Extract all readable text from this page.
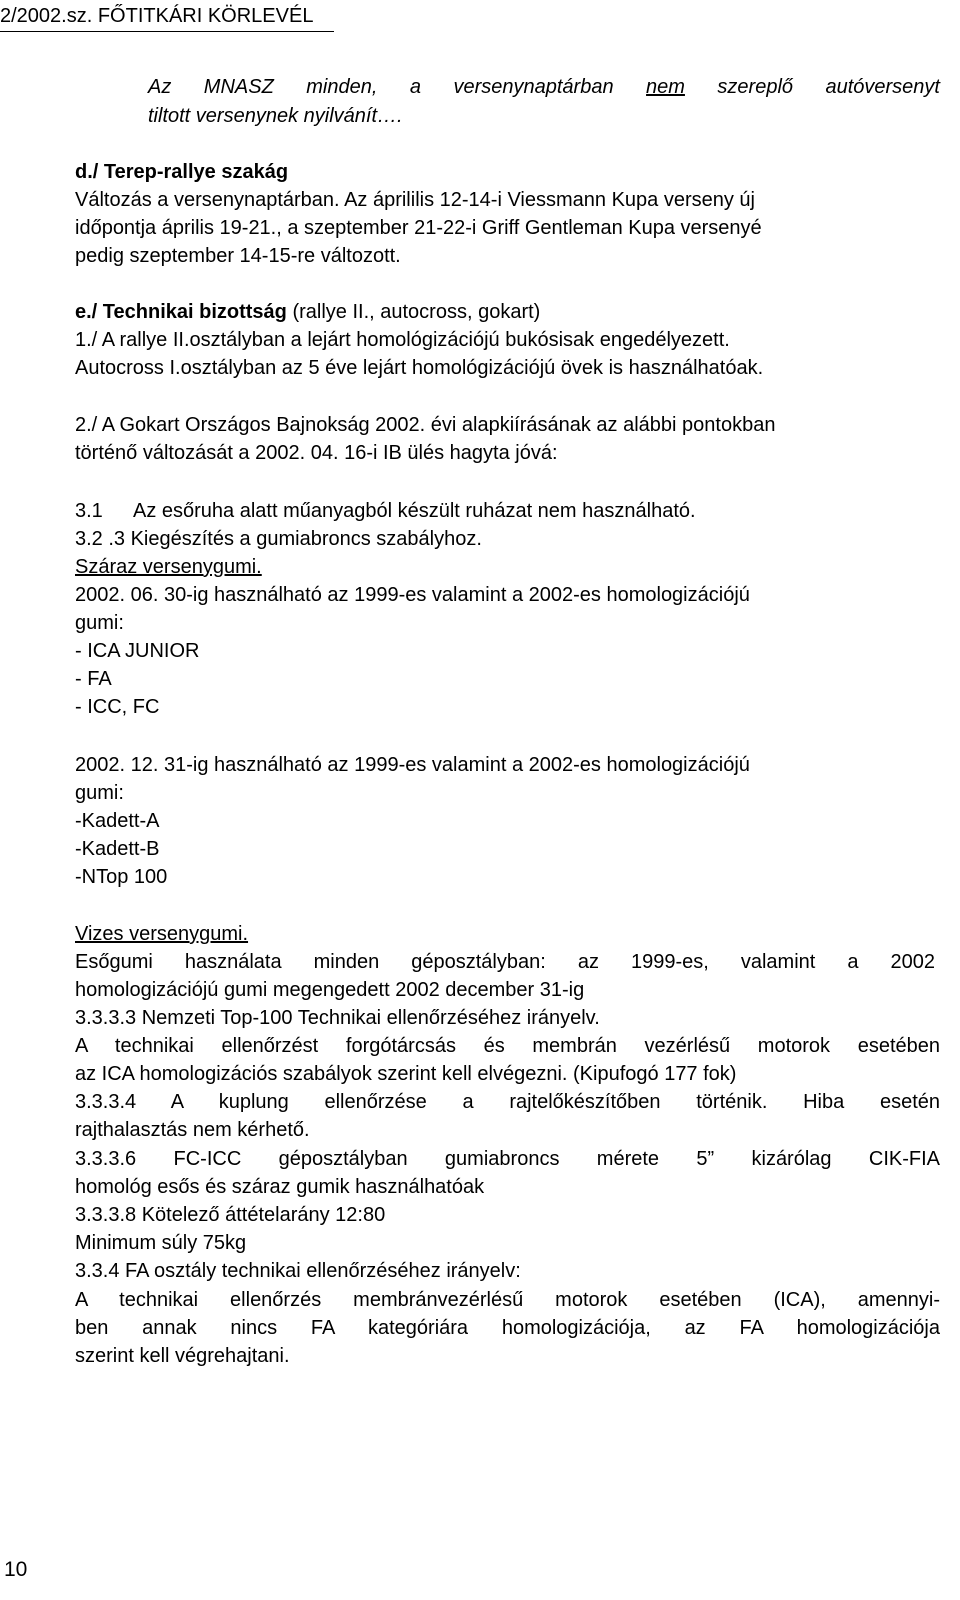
2/2002.sz. FŐTITKÁRI KÖRLEVÉL
Az MNASZ minden, a versenynaptárban nem szereplő autóversenyt
tiltott versenynek nyilvánít….
d./ Terep-rallye szakág
Változás a versenynaptárban. Az áprililis 12-14-i Viessmann Kupa verseny új
időpontja április 19-21., a szeptember 21-22-i Griff Gentleman Kupa versenyé
pedig szeptember 14-15-re változott.
e./ Technikai bizottság (rallye II., autocross, gokart)
1./ A rallye II.osztályban a lejárt homológizációjú bukósisak engedélyezett.
Autocross I.osztályban az 5 éve lejárt homológizációjú övek is használhatóak.
2./ A Gokart Országos Bajnokság 2002. évi alapkiírásának az alábbi pontokban
történő változását a 2002. 04. 16-i IB ülés hagyta jóvá:
3.1 Az esőruha alatt műanyagból készült ruházat nem használható.
3.2 .3 Kiegészítés a gumiabroncs szabályhoz.
Száraz versenygumi.
2002. 06. 30-ig használható az 1999-es valamint a 2002-es homologizációjú
gumi:
- ICA JUNIOR
- FA
- ICC, FC
2002. 12. 31-ig használható az 1999-es valamint a 2002-es homologizációjú
gumi:
-Kadett-A
-Kadett-B
-NTop 100
Vizes versenygumi.
Esőgumi használata minden géposztályban: az 1999-es, valamint a 2002
homologizációjú gumi megengedett 2002 december 31-ig
3.3.3.3 Nemzeti Top-100 Technikai ellenőrzéséhez irányelv.
A technikai ellenőrzést forgótárcsás és membrán vezérlésű motorok esetében
az ICA homologizációs szabályok szerint kell elvégezni. (Kipufogó 177 fok)
3.3.3.4 A kuplung ellenőrzése a rajtelőkészítőben történik. Hiba esetén
rajthalasztás nem kérhető.
3.3.3.6 FC-ICC géposztályban gumiabroncs mérete 5” kizárólag CIK-FIA
homológ esős és száraz gumik használhatóak
3.3.3.8 Kötelező áttételarány 12:80
Minimum súly 75kg
3.3.4 FA osztály technikai ellenőrzéséhez irányelv:
A technikai ellenőrzés membránvezérlésű motorok esetében (ICA), amennyi-
ben annak nincs FA kategóriára homologizációja, az FA homologizációja
szerint kell végrehajtani.
10
